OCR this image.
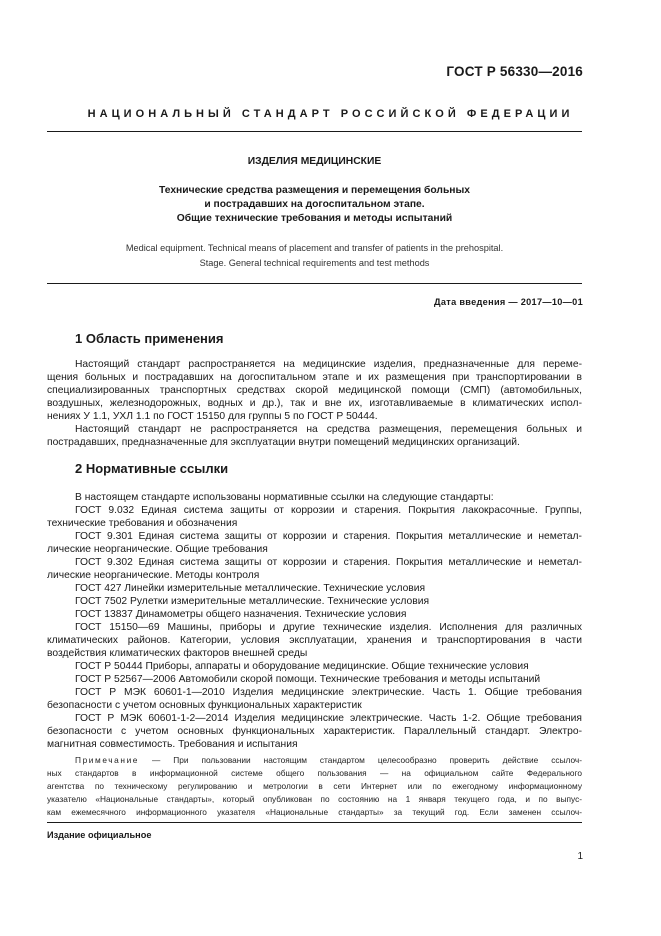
ГОСТ Р 56330—2016
НАЦИОНАЛЬНЫЙ СТАНДАРТ РОССИЙСКОЙ ФЕДЕРАЦИИ
ИЗДЕЛИЯ МЕДИЦИНСКИЕ
Технические средства размещения и перемещения больных
и пострадавших на догоспитальном этапе.
Общие технические требования и методы испытаний
Medical equipment. Technical means of placement and transfer of patients in the prehospital.
Stage. General technical requirements and test methods
Дата введения — 2017—10—01
1 Область применения
Настоящий стандарт распространяется на медицинские изделия, предназначенные для переме-
щения больных и пострадавших на догоспитальном этапе и их размещения при транспортировании в
специализированных транспортных средствах скорой медицинской помощи (СМП) (автомобильных,
воздушных, железнодорожных, водных и др.), так и вне их, изготавливаемые в климатических испол-
нениях У 1.1, УХЛ 1.1 по ГОСТ 15150 для группы 5 по ГОСТ Р 50444.
Настоящий стандарт не распространяется на средства размещения, перемещения больных и
пострадавших, предназначенные для эксплуатации внутри помещений медицинских организаций.
2 Нормативные ссылки
В настоящем стандарте использованы нормативные ссылки на следующие стандарты:
ГОСТ 9.032 Единая система защиты от коррозии и старения. Покрытия лакокрасочные. Группы,
технические требования и обозначения
ГОСТ 9.301 Единая система защиты от коррозии и старения. Покрытия металлические и неметал-
лические неорганические. Общие требования
ГОСТ 9.302 Единая система защиты от коррозии и старения. Покрытия металлические и неметал-
лические неорганические. Методы контроля
ГОСТ 427 Линейки измерительные металлические. Технические условия
ГОСТ 7502 Рулетки измерительные металлические. Технические условия
ГОСТ 13837 Динамометры общего назначения. Технические условия
ГОСТ 15150—69 Машины, приборы и другие технические изделия. Исполнения для различных
климатических районов. Категории, условия эксплуатации, хранения и транспортирования в части
воздействия климатических факторов внешней среды
ГОСТ Р 50444 Приборы, аппараты и оборудование медицинские. Общие технические условия
ГОСТ Р 52567—2006 Автомобили скорой помощи. Технические требования и методы испытаний
ГОСТ Р МЭК 60601-1—2010 Изделия медицинские электрические. Часть 1. Общие требования
безопасности с учетом основных функциональных характеристик
ГОСТ Р МЭК 60601-1-2—2014 Изделия медицинские электрические. Часть 1-2. Общие требования
безопасности с учетом основных функциональных характеристик. Параллельный стандарт. Электро-
магнитная совместимость. Требования и испытания
Примечание — При пользовании настоящим стандартом целесообразно проверить действие ссылоч-
ных стандартов в информационной системе общего пользования — на официальном сайте Федерального
агентства по техническому регулированию и метрологии в сети Интернет или по ежегодному информационному
указателю «Национальные стандарты», который опубликован по состоянию на 1 января текущего года, и по выпус-
кам ежемесячного информационного указателя «Национальные стандарты» за текущий год. Если заменен ссылоч-
Издание официальное
1
